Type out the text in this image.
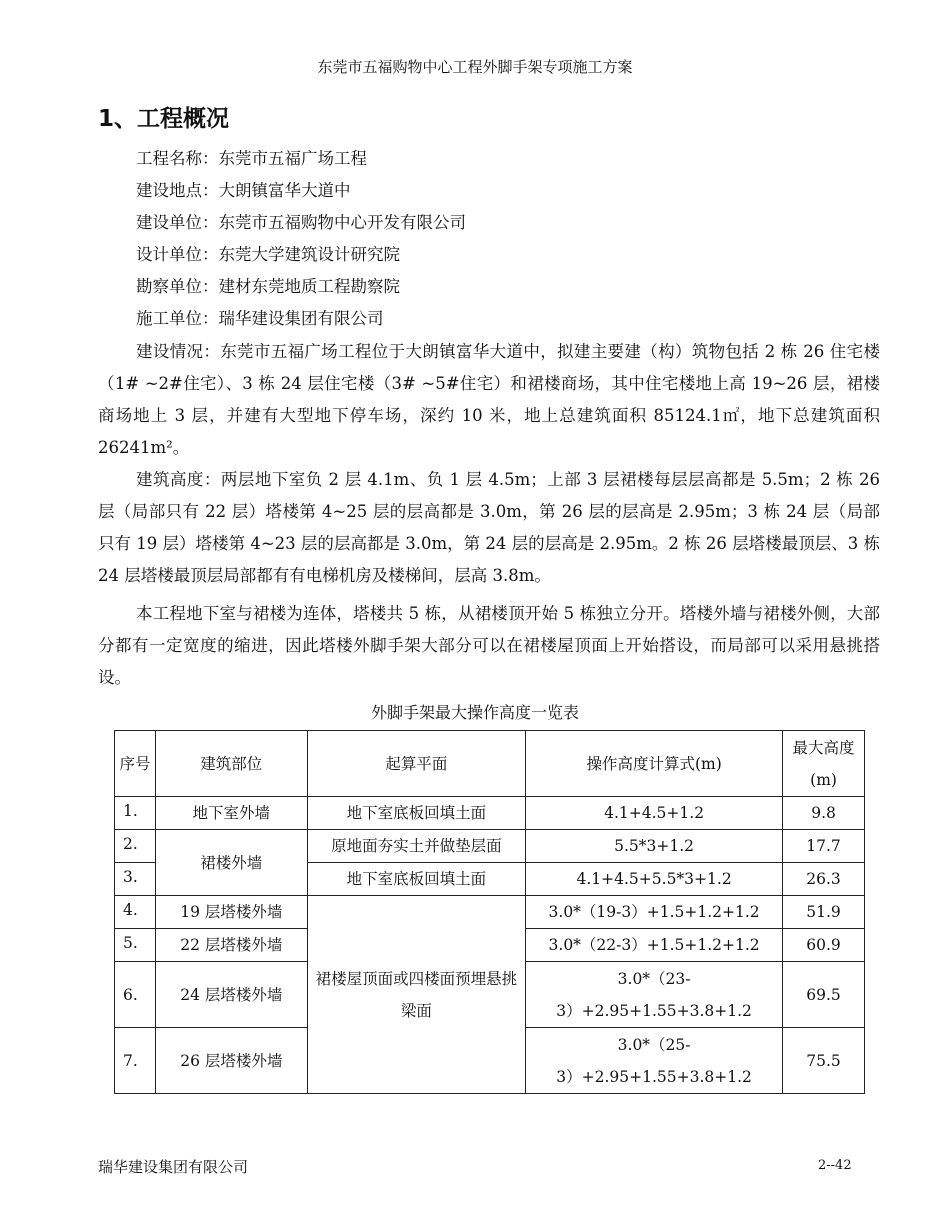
东莞市五福购物中心工程外脚手架专项施工方案
1、工程概况
工程名称：东莞市五福广场工程
建设地点：大朗镇富华大道中
建设单位：东莞市五福购物中心开发有限公司
设计单位：东莞大学建筑设计研究院
勘察单位：建材东莞地质工程勘察院
施工单位：瑞华建设集团有限公司
建设情况：东莞市五福广场工程位于大朗镇富华大道中，拟建主要建（构）筑物包括 2 栋 26 住宅楼（1# ~2#住宅）、3 栋 24 层住宅楼（3# ~5#住宅）和裙楼商场，其中住宅楼地上高 19~26 层，裙楼商场地上 3 层，并建有大型地下停车场，深约 10 米，地上总建筑面积 85124.1㎡，地下总建筑面积 26241m²。
建筑高度：两层地下室负 2 层 4.1m、负 1 层 4.5m；上部 3 层裙楼每层层高都是 5.5m；2 栋 26 层（局部只有 22 层）塔楼第 4~25 层的层高都是 3.0m，第 26 层的层高是 2.95m；3 栋 24 层（局部只有 19 层）塔楼第 4~23 层的层高都是 3.0m，第 24 层的层高是 2.95m。2 栋 26 层塔楼最顶层、3 栋 24 层塔楼最顶层局部都有有电梯机房及楼梯间，层高 3.8m。
本工程地下室与裙楼为连体，塔楼共 5 栋，从裙楼顶开始 5 栋独立分开。塔楼外墙与裙楼外侧，大部分都有一定宽度的缩进，因此塔楼外脚手架大部分可以在裙楼屋顶面上开始搭设，而局部可以采用悬挑搭设。
外脚手架最大操作高度一览表
序号	建筑部位	起算平面	操作高度计算式(m)	最大高度(m)
1.	地下室外墙	地下室底板回填土面	4.1+4.5+1.2	9.8
2.	裙楼外墙	原地面夯实土并做垫层面	5.5*3+1.2	17.7
3.		地下室底板回填土面	4.1+4.5+5.5*3+1.2	26.3
4.	19 层塔楼外墙	裙楼屋顶面或四楼面预埋悬挑梁面	3.0*（19-3）+1.5+1.2+1.2	51.9
5.	22 层塔楼外墙		3.0*（22-3）+1.5+1.2+1.2	60.9
6.	24 层塔楼外墙		3.0*（23-3）+2.95+1.55+3.8+1.2	69.5
7.	26 层塔楼外墙		3.0*（25-3）+2.95+1.55+3.8+1.2	75.5
瑞华建设集团有限公司	2--42
